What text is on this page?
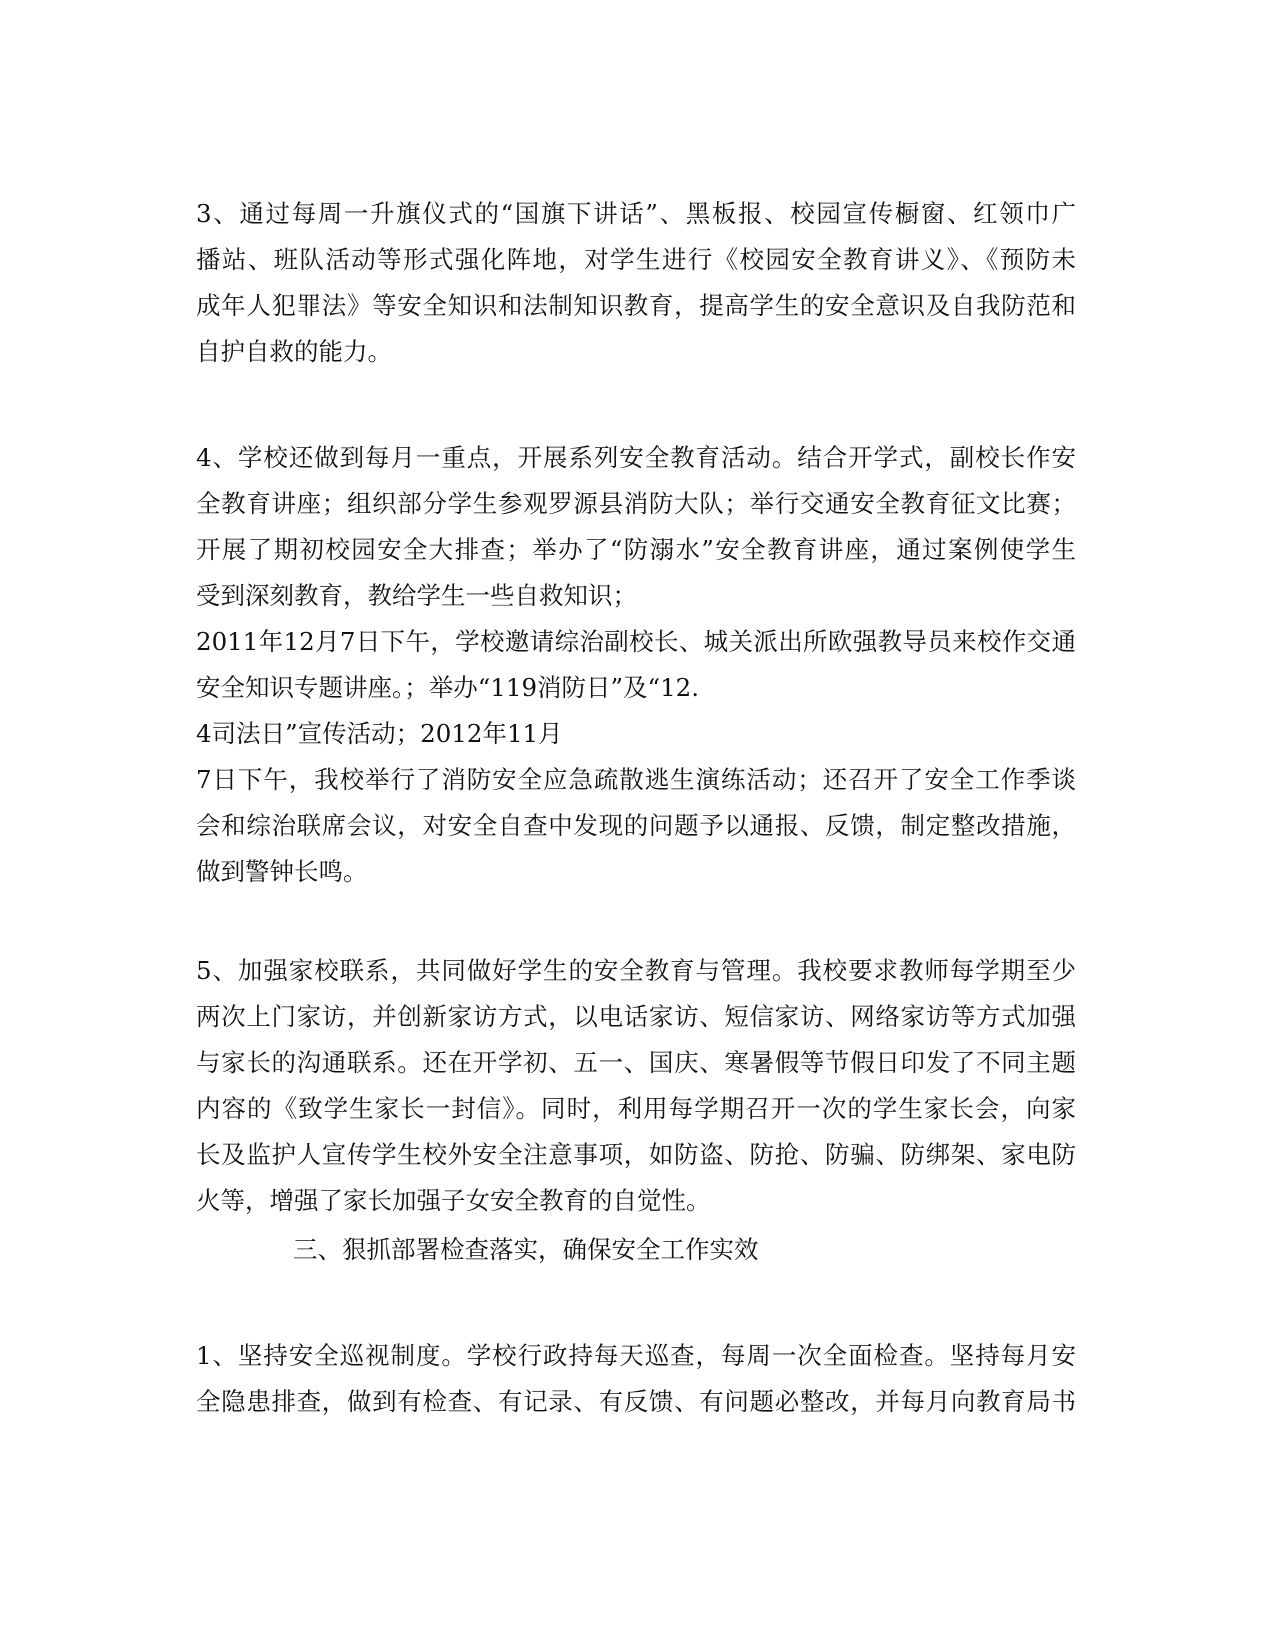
3、通过每周一升旗仪式的“国旗下讲话”、黑板报、校园宣传橱窗、红领巾广
播站、班队活动等形式强化阵地，对学生进行《校园安全教育讲义》、《预防未
成年人犯罪法》等安全知识和法制知识教育，提高学生的安全意识及自我防范和
自护自救的能力。
4、学校还做到每月一重点，开展系列安全教育活动。结合开学式，副校长作安
全教育讲座；组织部分学生参观罗源县消防大队；举行交通安全教育征文比赛；
开展了期初校园安全大排查；举办了“防溺水”安全教育讲座，通过案例使学生
受到深刻教育，教给学生一些自救知识；
2011年12月7日下午，学校邀请综治副校长、城关派出所欧强教导员来校作交通
安全知识专题讲座。；举办“119消防日”及“12.
4司法日”宣传活动；2012年11月
7日下午，我校举行了消防安全应急疏散逃生演练活动；还召开了安全工作季谈
会和综治联席会议，对安全自查中发现的问题予以通报、反馈，制定整改措施，
做到警钟长鸣。
5、加强家校联系，共同做好学生的安全教育与管理。我校要求教师每学期至少
两次上门家访，并创新家访方式，以电话家访、短信家访、网络家访等方式加强
与家长的沟通联系。还在开学初、五一、国庆、寒暑假等节假日印发了不同主题
内容的《致学生家长一封信》。同时，利用每学期召开一次的学生家长会，向家
长及监护人宣传学生校外安全注意事项，如防盗、防抢、防骗、防绑架、家电防
火等，增强了家长加强子女安全教育的自觉性。
三、狠抓部署检查落实，确保安全工作实效
1、坚持安全巡视制度。学校行政持每天巡查，每周一次全面检查。坚持每月安
全隐患排查，做到有检查、有记录、有反馈、有问题必整改，并每月向教育局书
